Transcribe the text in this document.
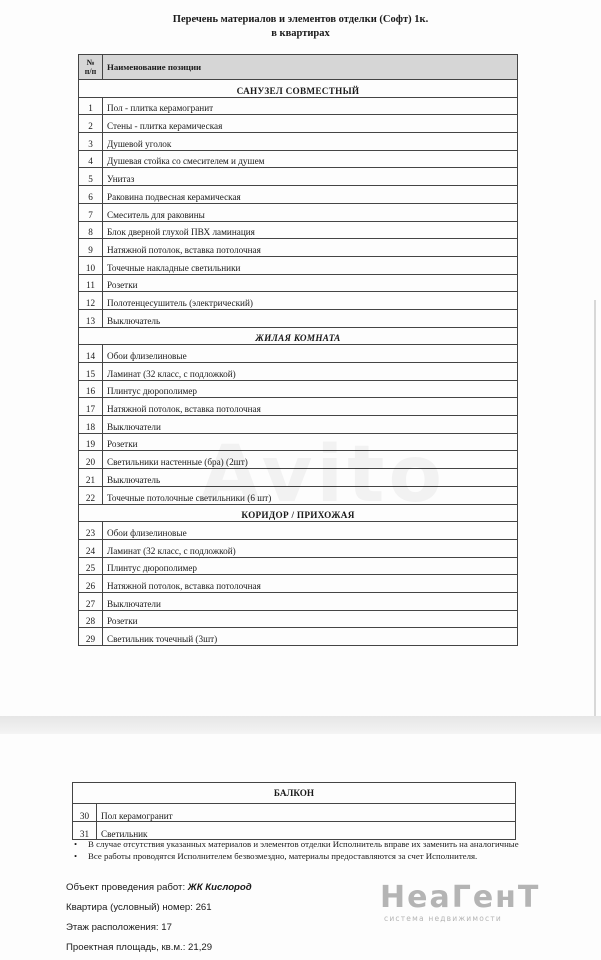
Перечень материалов и элементов отделки (Софт) 1к.
в квартирах
№ п/п	Наименование позиции
САНУЗЕЛ СОВМЕСТНЫЙ	
1	Пол - плитка керамогранит
2	Стены - плитка керамическая
3	Душевой уголок
4	Душевая стойка со смесителем и душем
5	Унитаз
6	Раковина подвесная керамическая
7	Смеситель для раковины
8	Блок дверной глухой ПВХ ламинация
9	Натяжной потолок, вставка потолочная
10	Точечные накладные светильники
11	Розетки
12	Полотенцесушитель (электрический)
13	Выключатель
ЖИЛАЯ КОМНАТА	
14	Обои флизелиновые
15	Ламинат (32 класс, с подложкой)
16	Плинтус дюрополимер
17	Натяжной потолок, вставка потолочная
18	Выключатели
19	Розетки
20	Светильники настенные (бра) (2шт)
21	Выключатель
22	Точечные потолочные светильники (6 шт)
КОРИДОР / ПРИХОЖАЯ	
23	Обои флизелиновые
24	Ламинат (32 класс, с подложкой)
25	Плинтус дюрополимер
26	Натяжной потолок, вставка потолочная
27	Выключатели
28	Розетки
29	Светильник точечный (3шт)
БАЛКОН	
30	Пол керамогранит
31	Светильник
• В случае отсутствия указанных материалов и элементов отделки Исполнитель вправе их заменить на аналогичные
• Все работы проводятся Исполнителем безвозмездно, материалы предоставляются за счет Исполнителя.
Объект проведения работ: ЖК Кислород
Квартира (условный) номер: 261
Этаж расположения: 17
Проектная площадь, кв.м.: 21,29
НеаГенТ
система недвижимости
